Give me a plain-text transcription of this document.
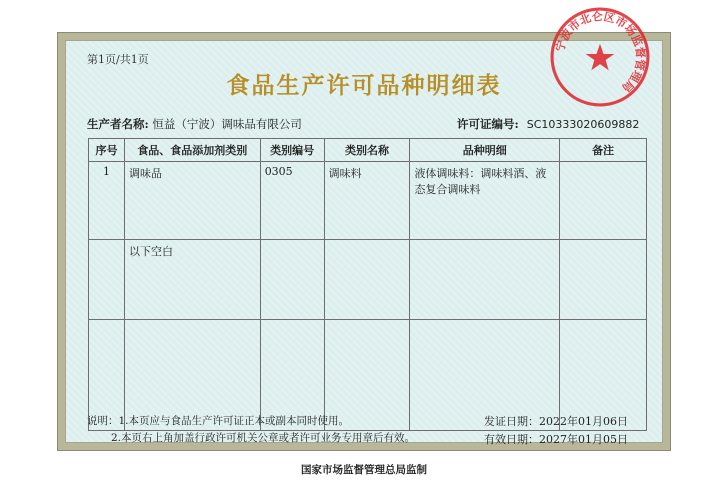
第1页/共1页
食品生产许可品种明细表
生产者名称: 恒益（宁波）调味品有限公司	许可证编号: SC10333020609882
序号	食品、食品添加剂类别	类别编号	类别名称	品种明细	备注
1	调味品	0305	调味料	液体调味料：调味料酒、液态复合调味料	
	以下空白				

说明：1.本页应与食品生产许可证正本或副本同时使用。
2.本页右上角加盖行政许可机关公章或者许可业务专用章后有效。
发证日期：2022年01月06日
有效日期：2027年01月05日
宁波市北仑区市场监督管理局
国家市场监督管理总局监制
